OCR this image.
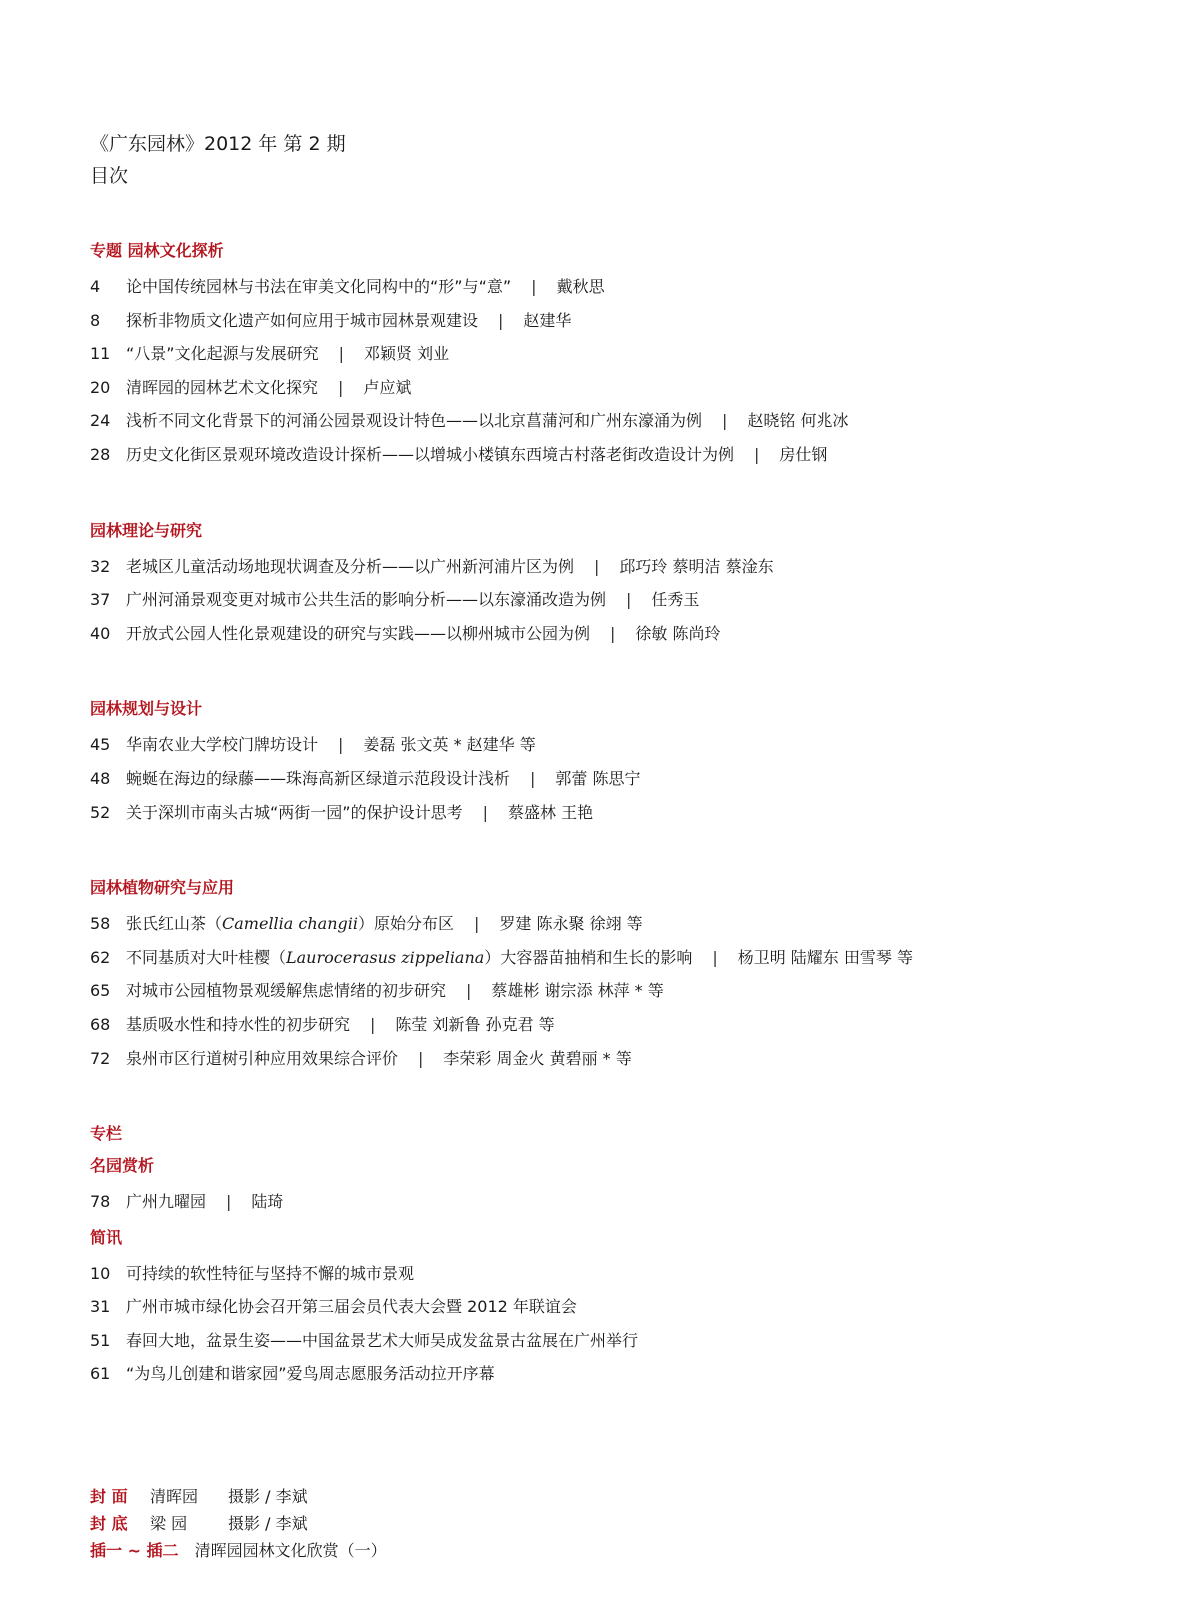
《广东园林》2012 年 第 2 期
目次
专题 园林文化探析
4 论中国传统园林与书法在审美文化同构中的“形”与“意” | 戴秋思
8 探析非物质文化遗产如何应用于城市园林景观建设 | 赵建华
11 “八景”文化起源与发展研究 | 邓颖贤 刘业
20 清晖园的园林艺术文化探究 | 卢应斌
24 浅析不同文化背景下的河涌公园景观设计特色——以北京菖蒲河和广州东濠涌为例 | 赵晓铭 何兆冰
28 历史文化街区景观环境改造设计探析——以增城小楼镇东西境古村落老街改造设计为例 | 房仕钢
园林理论与研究
32 老城区儿童活动场地现状调查及分析——以广州新河浦片区为例 | 邱巧玲 蔡明洁 蔡淦东
37 广州河涌景观变更对城市公共生活的影响分析——以东濠涌改造为例 | 任秀玉
40 开放式公园人性化景观建设的研究与实践——以柳州城市公园为例 | 徐敏 陈尚玲
园林规划与设计
45 华南农业大学校门牌坊设计 | 姜磊 张文英 * 赵建华 等
48 蜿蜒在海边的绿藤——珠海高新区绿道示范段设计浅析 | 郭蕾 陈思宁
52 关于深圳市南头古城“两街一园”的保护设计思考 | 蔡盛林 王艳
园林植物研究与应用
58 张氏红山茶（Camellia changii）原始分布区 | 罗建 陈永聚 徐翊 等
62 不同基质对大叶桂樱（Laurocerasus zippeliana）大容器苗抽梢和生长的影响 | 杨卫明 陆耀东 田雪琴 等
65 对城市公园植物景观缓解焦虑情绪的初步研究 | 蔡雄彬 谢宗添 林萍 * 等
68 基质吸水性和持水性的初步研究 | 陈莹 刘新鲁 孙克君 等
72 泉州市区行道树引种应用效果综合评价 | 李荣彩 周金火 黄碧丽 * 等
专栏
名园赏析
78 广州九曜园 | 陆琦
简讯
10 可持续的软性特征与坚持不懈的城市景观
31 广州市城市绿化协会召开第三届会员代表大会暨 2012 年联谊会
51 春回大地，盆景生姿——中国盆景艺术大师吴成发盆景古盆展在广州举行
61 “为鸟儿创建和谐家园”爱鸟周志愿服务活动拉开序幕
封 面 清晖园 摄影 / 李斌
封 底 梁 园	摄影 / 李斌
插一 ~ 插二 清晖园园林文化欣赏（一）
